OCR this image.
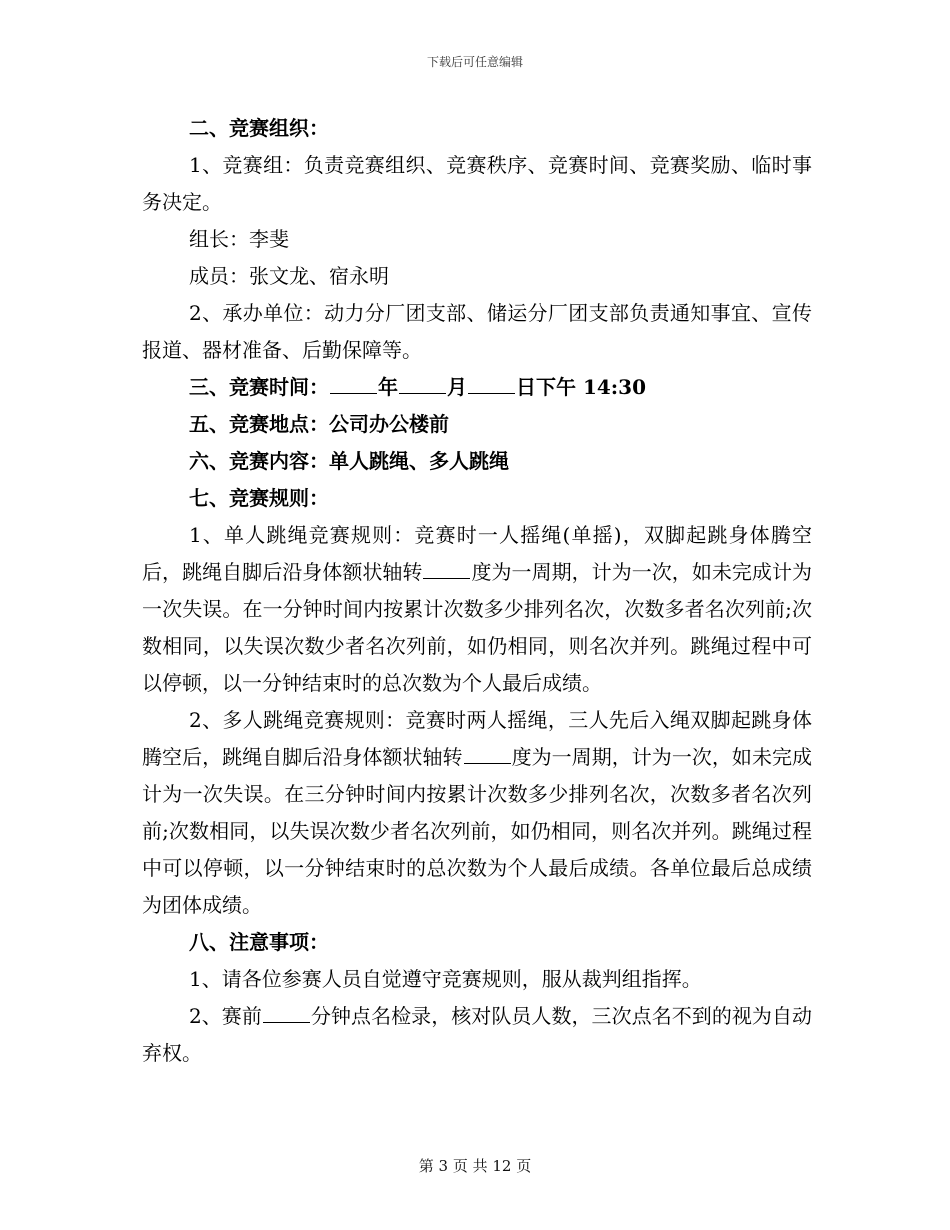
下载后可任意编辑

二、竞赛组织：

1、竞赛组：负责竞赛组织、竞赛秩序、竞赛时间、竞赛奖励、临时事务决定。

组长：李斐

成员：张文龙、宿永明

2、承办单位：动力分厂团支部、储运分厂团支部负责通知事宜、宣传报道、器材准备、后勤保障等。

三、竞赛时间： 年 月 日下午 14:30

五、竞赛地点：公司办公楼前

六、竞赛内容：单人跳绳、多人跳绳

七、竞赛规则：

1、单人跳绳竞赛规则：竞赛时一人摇绳(单摇)，双脚起跳身体腾空后，跳绳自脚后沿身体额状轴转 度为一周期，计为一次，如未完成计为一次失误。在一分钟时间内按累计次数多少排列名次，次数多者名次列前;次数相同，以失误次数少者名次列前，如仍相同，则名次并列。跳绳过程中可以停顿，以一分钟结束时的总次数为个人最后成绩。

2、多人跳绳竞赛规则：竞赛时两人摇绳，三人先后入绳双脚起跳身体腾空后，跳绳自脚后沿身体额状轴转 度为一周期，计为一次，如未完成计为一次失误。在三分钟时间内按累计次数多少排列名次，次数多者名次列前;次数相同，以失误次数少者名次列前，如仍相同，则名次并列。跳绳过程中可以停顿，以一分钟结束时的总次数为个人最后成绩。各单位最后总成绩为团体成绩。

八、注意事项：

1、请各位参赛人员自觉遵守竞赛规则，服从裁判组指挥。

2、赛前 分钟点名检录，核对队员人数，三次点名不到的视为自动弃权。

第 3 页 共 12 页
